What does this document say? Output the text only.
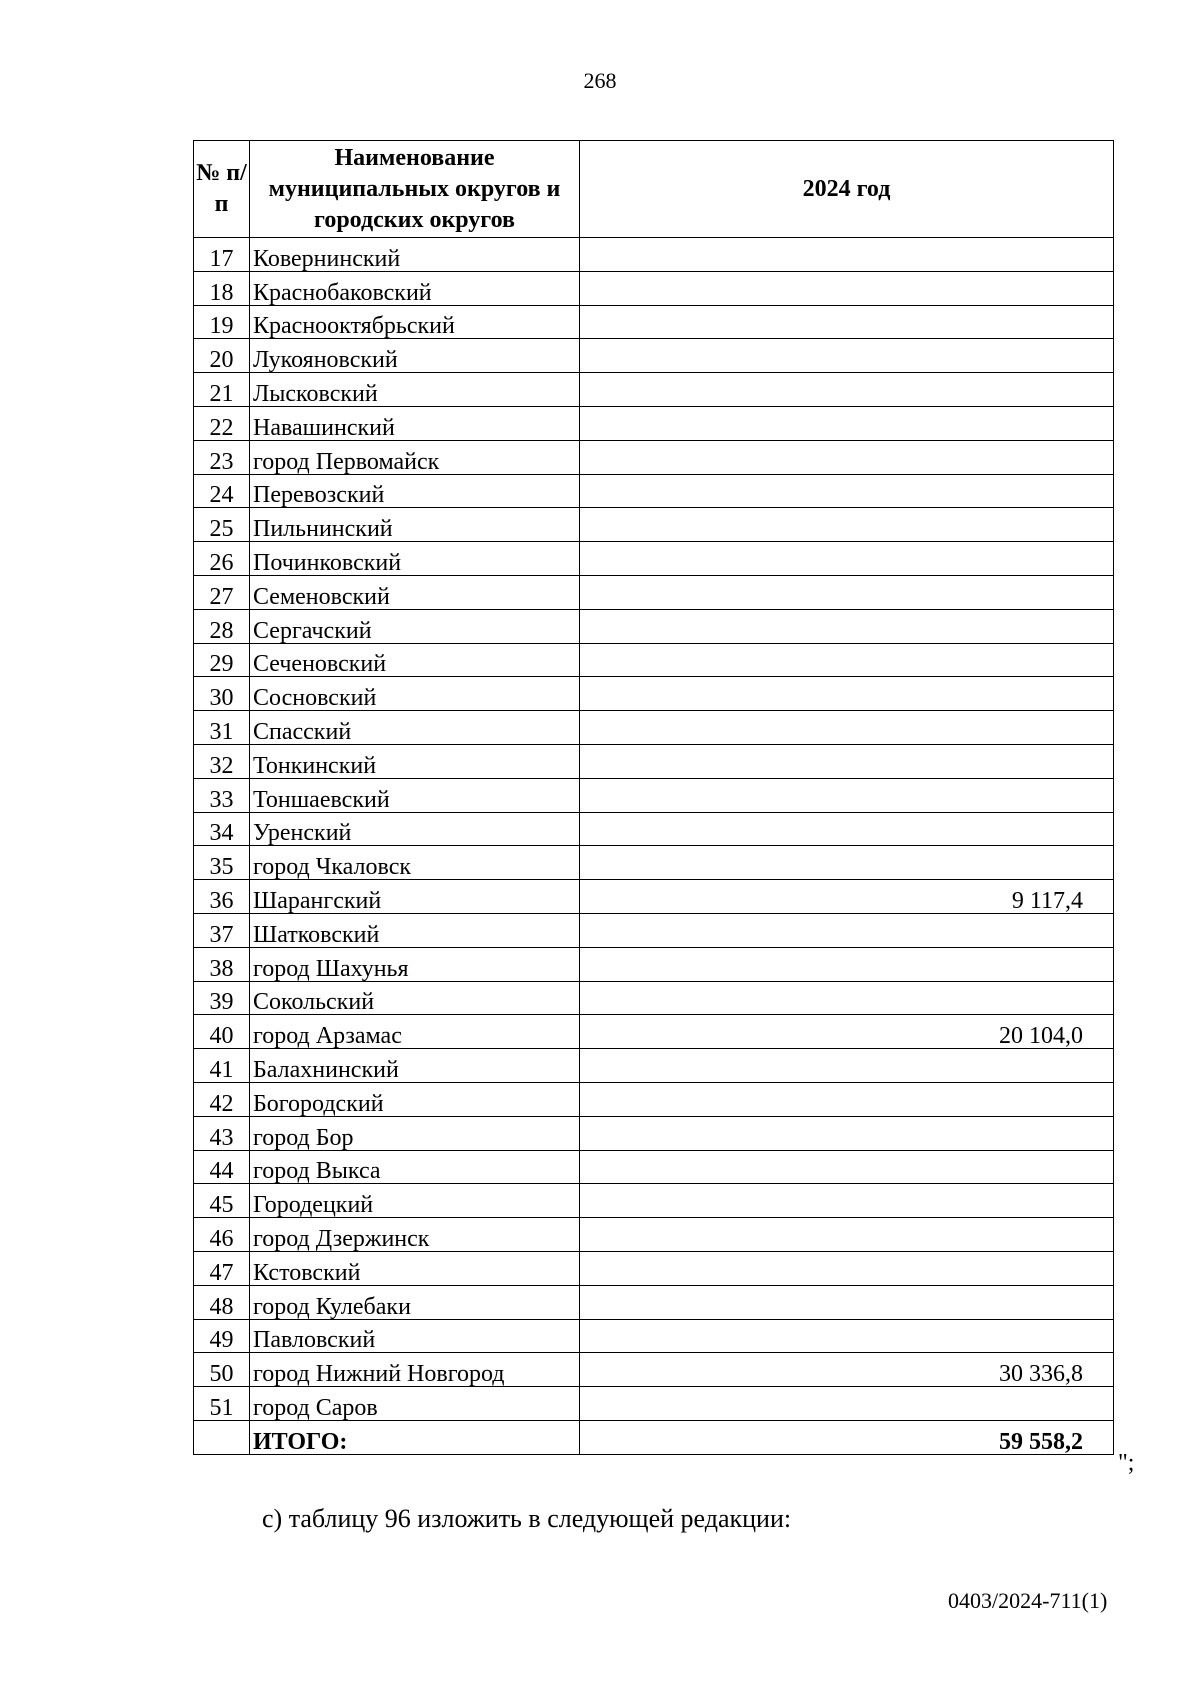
268
№ п/п	Наименование муниципальных округов и городских округов	2024 год
17	Ковернинский	
18	Краснобаковский	
19	Краснооктябрьский	
20	Лукояновский	
21	Лысковский	
22	Навашинский	
23	город Первомайск	
24	Перевозский	
25	Пильнинский	
26	Починковский	
27	Семеновский	
28	Сергачский	
29	Сеченовский	
30	Сосновский	
31	Спасский	
32	Тонкинский	
33	Тоншаевский	
34	Уренский	
35	город Чкаловск	
36	Шарангский	9 117,4
37	Шатковский	
38	город Шахунья	
39	Сокольский	
40	город Арзамас	20 104,0
41	Балахнинский	
42	Богородский	
43	город Бор	
44	город Выкса	
45	Городецкий	
46	город Дзержинск	
47	Кстовский	
48	город Кулебаки	
49	Павловский	
50	город Нижний Новгород	30 336,8
51	город Саров	
	ИТОГО:	59 558,2
";
с) таблицу 96 изложить в следующей редакции:
0403/2024-711(1)
